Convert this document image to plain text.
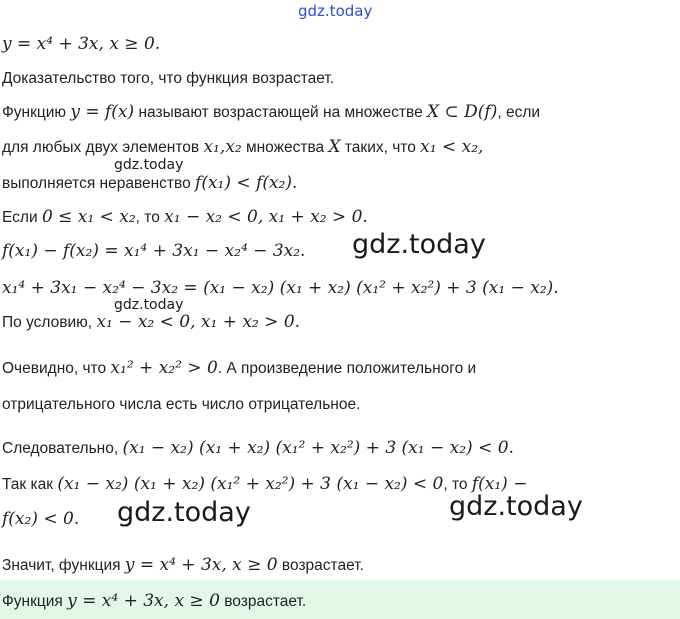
gdz.today
y = x⁴ + 3x, x ≥ 0.
Доказательство того, что функция возрастает.
Функцию y = f(x) называют возрастающей на множестве X ⊂ D(f), если
для любых двух элементов x₁,x₂ множества X таких, что x₁ < x₂,
gdz.today
выполняется неравенство f(x₁) < f(x₂).
Если 0 ≤ x₁ < x₂, то x₁ − x₂ < 0, x₁ + x₂ > 0.
f(x₁) − f(x₂) = x₁⁴ + 3x₁ − x₂⁴ − 3x₂.	gdz.today
x₁⁴ + 3x₁ − x₂⁴ − 3x₂ = (x₁ − x₂) (x₁ + x₂) (x₁² + x₂²) + 3 (x₁ − x₂).
gdz.today
По условию, x₁ − x₂ < 0, x₁ + x₂ > 0.
Очевидно, что x₁² + x₂² > 0. А произведение положительного и
отрицательного числа есть число отрицательное.
Следовательно, (x₁ − x₂) (x₁ + x₂) (x₁² + x₂²) + 3 (x₁ − x₂) < 0.
Так как (x₁ − x₂) (x₁ + x₂) (x₁² + x₂²) + 3 (x₁ − x₂) < 0, то f(x₁) −
f(x₂) < 0.	gdz.today	gdz.today
Значит, функция y = x⁴ + 3x, x ≥ 0 возрастает.
Функция y = x⁴ + 3x, x ≥ 0 возрастает.
